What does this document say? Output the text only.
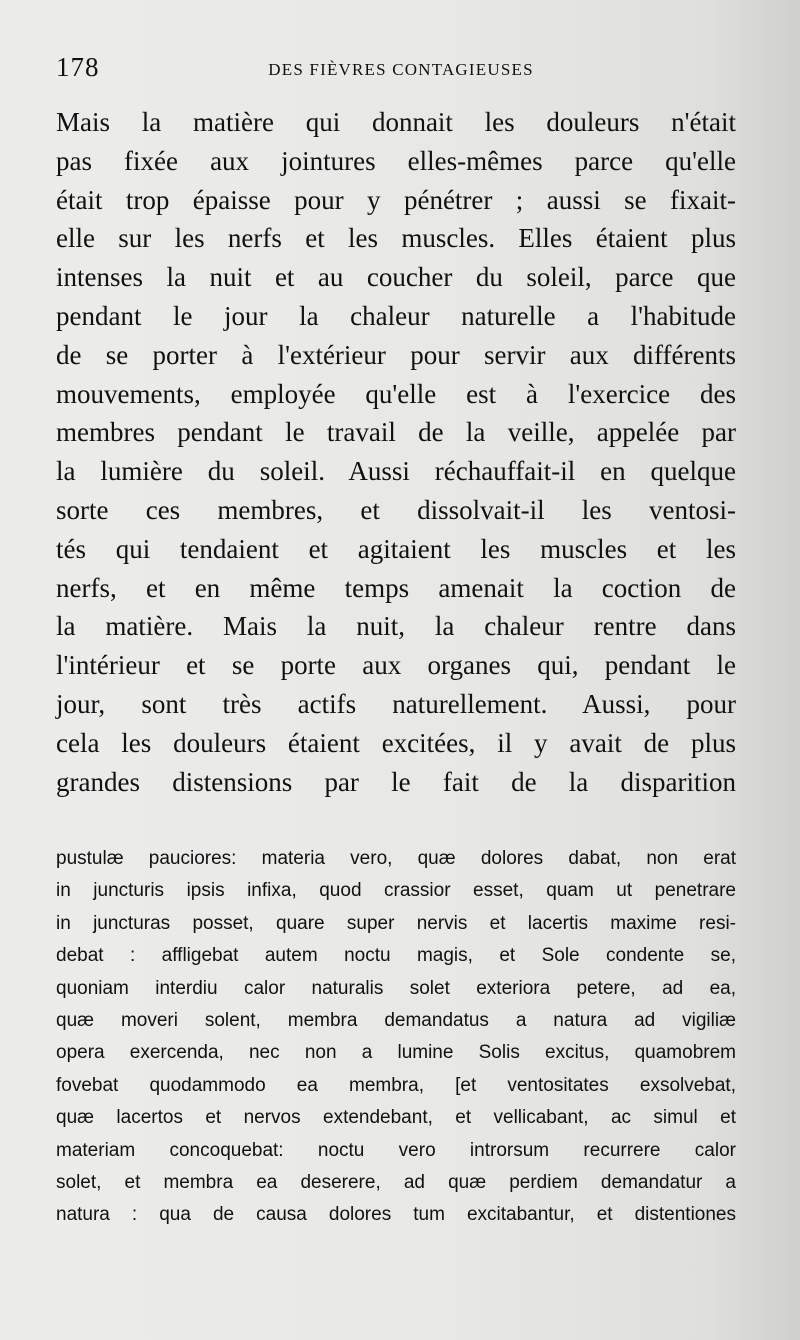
178	DES FIÈVRES CONTAGIEUSES
Mais la matière qui donnait les douleurs n'était
pas fixée aux jointures elles-mêmes parce qu'elle
était trop épaisse pour y pénétrer ; aussi se fixait-
elle sur les nerfs et les muscles. Elles étaient plus
intenses la nuit et au coucher du soleil, parce que
pendant le jour la chaleur naturelle a l'habitude
de se porter à l'extérieur pour servir aux différents
mouvements, employée qu'elle est à l'exercice des
membres pendant le travail de la veille, appelée par
la lumière du soleil. Aussi réchauffait-il en quelque
sorte ces membres, et dissolvait-il les ventosi-
tés qui tendaient et agitaient les muscles et les
nerfs, et en même temps amenait la coction de
la matière. Mais la nuit, la chaleur rentre dans
l'intérieur et se porte aux organes qui, pendant le
jour, sont très actifs naturellement. Aussi, pour
cela les douleurs étaient excitées, il y avait de plus
grandes distensions par le fait de la disparition
pustulæ pauciores: materia vero, quæ dolores dabat, non erat
in juncturis ipsis infixa, quod crassior esset, quam ut penetrare
in juncturas posset, quare super nervis et lacertis maxime resi-
debat : affligebat autem noctu magis, et Sole condente se,
quoniam interdiu calor naturalis solet exteriora petere, ad ea,
quæ moveri solent, membra demandatus a natura ad vigiliæ
opera exercenda, nec non a lumine Solis excitus, quamobrem
fovebat quodammodo ea membra, [et ventositates exsolvebat,
quæ lacertos et nervos extendebant, et vellicabant, ac simul et
materiam concoquebat: noctu vero introrsum recurrere calor
solet, et membra ea deserere, ad quæ perdiem demandatur a
natura : qua de causa dolores tum excitabantur, et distentiones
